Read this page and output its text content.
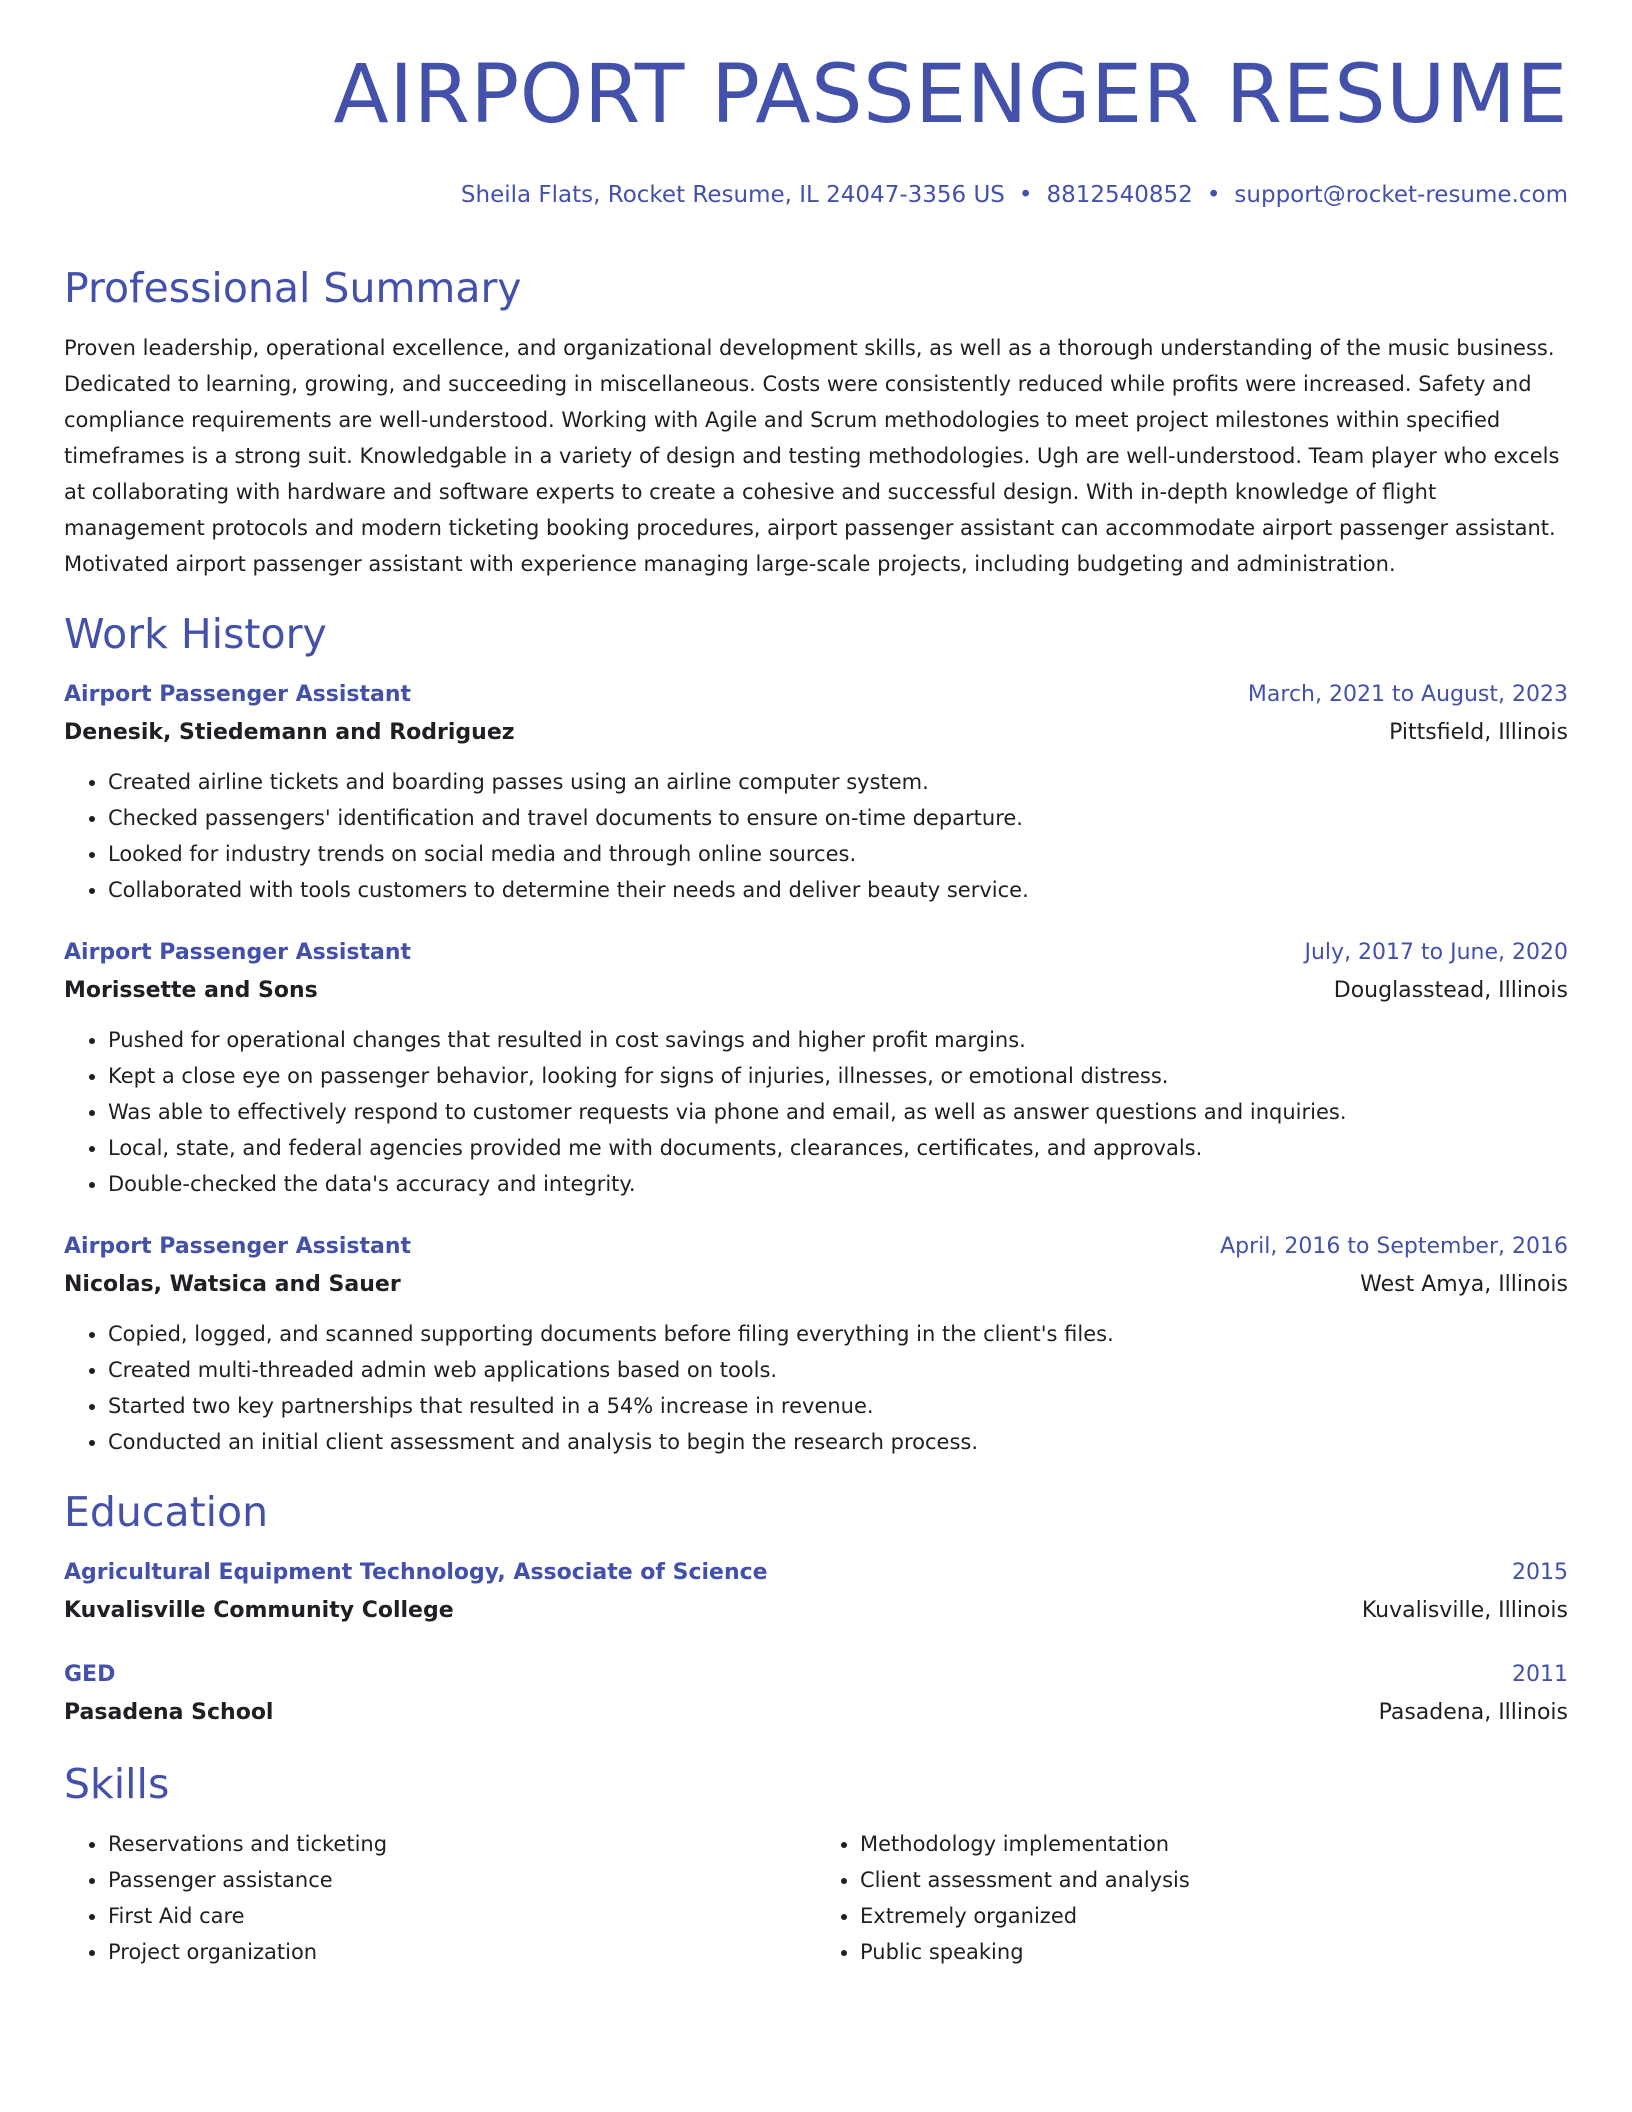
AIRPORT PASSENGER RESUME
Sheila Flats, Rocket Resume, IL 24047-3356 US • 8812540852 • support@rocket-resume.com
Professional Summary

Proven leadership, operational excellence, and organizational development skills, as well as a thorough understanding of the music business. Dedicated to learning, growing, and succeeding in miscellaneous. Costs were consistently reduced while profits were increased. Safety and compliance requirements are well-understood. Working with Agile and Scrum methodologies to meet project milestones within specified timeframes is a strong suit. Knowledgable in a variety of design and testing methodologies. Ugh are well-understood. Team player who excels at collaborating with hardware and software experts to create a cohesive and successful design. With in-depth knowledge of flight management protocols and modern ticketing booking procedures, airport passenger assistant can accommodate airport passenger assistant. Motivated airport passenger assistant with experience managing large-scale projects, including budgeting and administration.

Work History
Airport Passenger Assistant	March, 2021 to August, 2023
Denesik, Stiedemann and Rodriguez	Pittsfield, Illinois
• Created airline tickets and boarding passes using an airline computer system.
• Checked passengers' identification and travel documents to ensure on-time departure.
• Looked for industry trends on social media and through online sources.
• Collaborated with tools customers to determine their needs and deliver beauty service.
Airport Passenger Assistant	July, 2017 to June, 2020
Morissette and Sons	Douglasstead, Illinois
• Pushed for operational changes that resulted in cost savings and higher profit margins.
• Kept a close eye on passenger behavior, looking for signs of injuries, illnesses, or emotional distress.
• Was able to effectively respond to customer requests via phone and email, as well as answer questions and inquiries.
• Local, state, and federal agencies provided me with documents, clearances, certificates, and approvals.
• Double-checked the data's accuracy and integrity.
Airport Passenger Assistant	April, 2016 to September, 2016
Nicolas, Watsica and Sauer	West Amya, Illinois
• Copied, logged, and scanned supporting documents before filing everything in the client's files.
• Created multi-threaded admin web applications based on tools.
• Started two key partnerships that resulted in a 54% increase in revenue.
• Conducted an initial client assessment and analysis to begin the research process.
Education
Agricultural Equipment Technology, Associate of Science	2015
Kuvalisville Community College	Kuvalisville, Illinois
GED	2011
Pasadena School	Pasadena, Illinois
Skills
• Reservations and ticketing
• Passenger assistance
• First Aid care
• Project organization
• Methodology implementation
• Client assessment and analysis
• Extremely organized
• Public speaking
